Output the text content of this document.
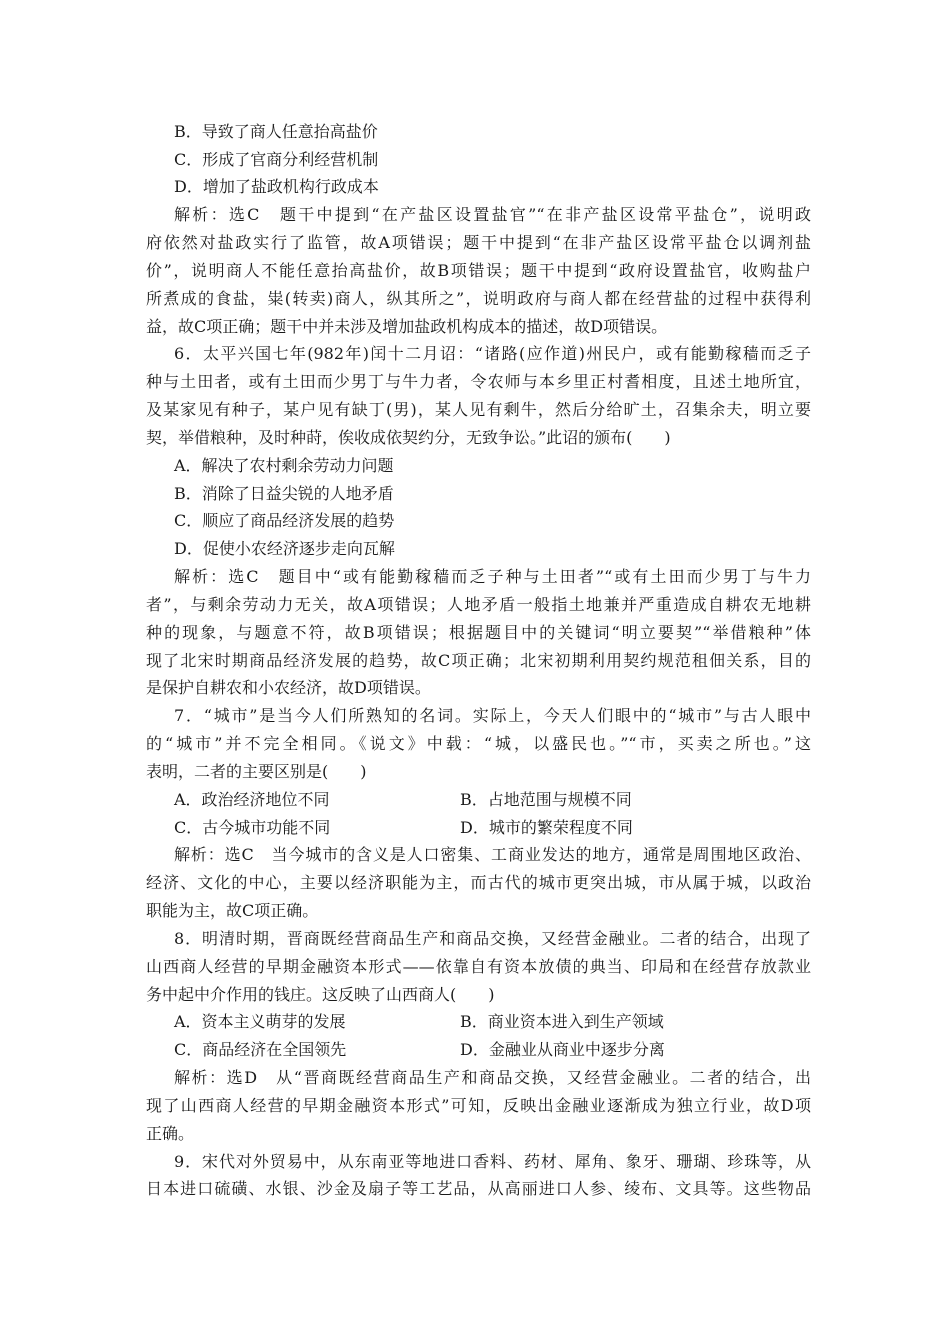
B．导致了商人任意抬高盐价
C．形成了官商分利经营机制
D．增加了盐政机构行政成本
解析：选C　题干中提到“在产盐区设置盐官”“在非产盐区设常平盐仓”，说明政
府依然对盐政实行了监管，故A项错误；题干中提到“在非产盐区设常平盐仓以调剂盐
价”，说明商人不能任意抬高盐价，故B项错误；题干中提到“政府设置盐官，收购盐户
所煮成的食盐，粜(转卖)商人，纵其所之”，说明政府与商人都在经营盐的过程中获得利
益，故C项正确；题干中并未涉及增加盐政机构成本的描述，故D项错误。
6．太平兴国七年(982年)闰十二月诏：“诸路(应作道)州民户，或有能勤稼穑而乏子
种与土田者，或有土田而少男丁与牛力者，令农师与本乡里正村耆相度，且述土地所宜，
及某家见有种子，某户见有缺丁(男)，某人见有剩牛，然后分给旷土，召集余夫，明立要
契，举借粮种，及时种莳，俟收成依契约分，无致争讼。”此诏的颁布(　　)
A．解决了农村剩余劳动力问题
B．消除了日益尖锐的人地矛盾
C．顺应了商品经济发展的趋势
D．促使小农经济逐步走向瓦解
解析：选C　题目中“或有能勤稼穑而乏子种与土田者”“或有土田而少男丁与牛力
者”，与剩余劳动力无关，故A项错误；人地矛盾一般指土地兼并严重造成自耕农无地耕
种的现象，与题意不符，故B项错误；根据题目中的关键词“明立要契”“举借粮种”体
现了北宋时期商品经济发展的趋势，故C项正确；北宋初期利用契约规范租佃关系，目的
是保护自耕农和小农经济，故D项错误。
7．“城市”是当今人们所熟知的名词。实际上，今天人们眼中的“城市”与古人眼中
的“城市”并不完全相同。《说文》中载：“城，以盛民也。”“市，买卖之所也。”这
表明，二者的主要区别是(　　)
A．政治经济地位不同	B．占地范围与规模不同
C．古今城市功能不同	D．城市的繁荣程度不同
解析：选C　当今城市的含义是人口密集、工商业发达的地方，通常是周围地区政治、
经济、文化的中心，主要以经济职能为主，而古代的城市更突出城，市从属于城，以政治
职能为主，故C项正确。
8．明清时期，晋商既经营商品生产和商品交换，又经营金融业。二者的结合，出现了
山西商人经营的早期金融资本形式——依靠自有资本放债的典当、印局和在经营存放款业
务中起中介作用的钱庄。这反映了山西商人(　　)
A．资本主义萌芽的发展	B．商业资本进入到生产领域
C．商品经济在全国领先	D．金融业从商业中逐步分离
解析：选D　从“晋商既经营商品生产和商品交换，又经营金融业。二者的结合，出
现了山西商人经营的早期金融资本形式”可知，反映出金融业逐渐成为独立行业，故D项
正确。
9．宋代对外贸易中，从东南亚等地进口香料、药材、犀角、象牙、珊瑚、珍珠等，从
日本进口硫磺、水银、沙金及扇子等工艺品，从高丽进口人参、绫布、文具等。这些物品
